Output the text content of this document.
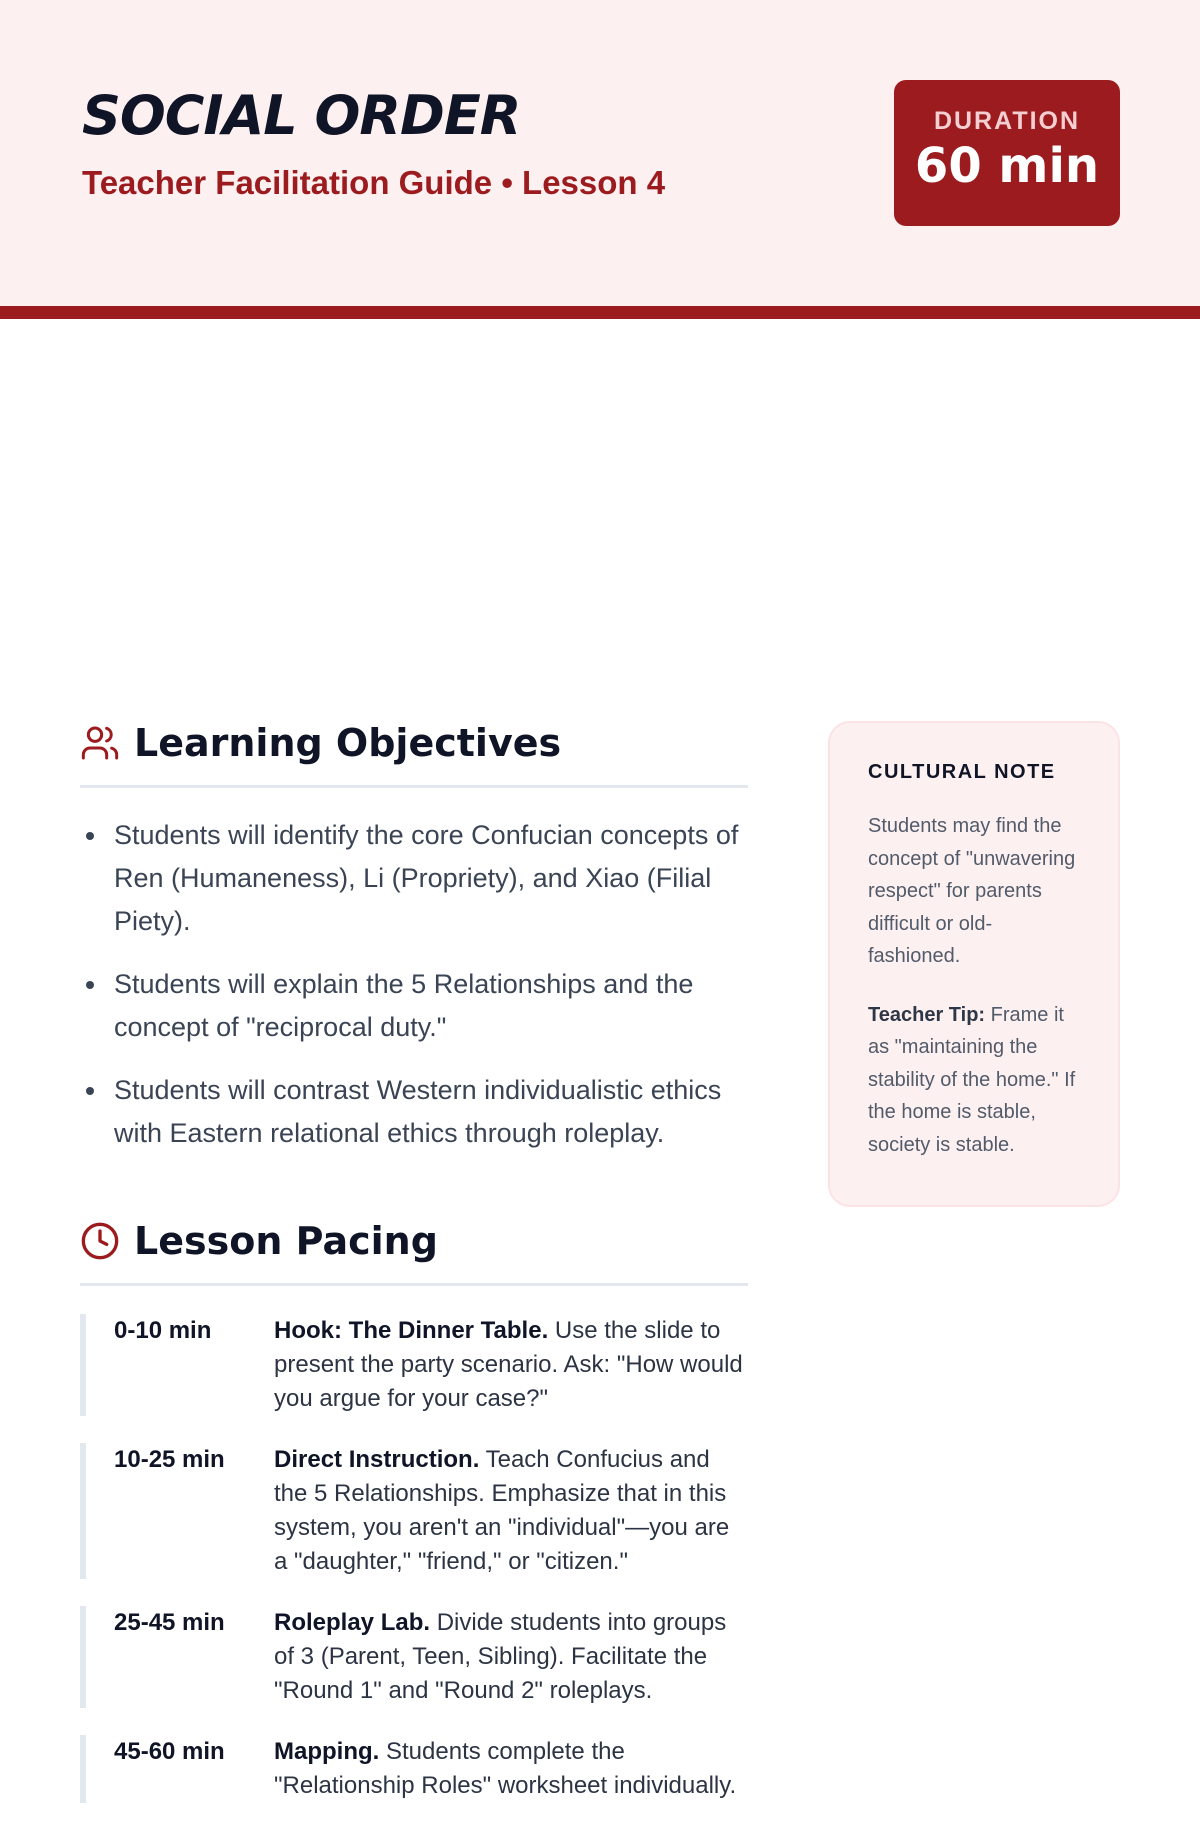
SOCIAL ORDER
Teacher Facilitation Guide • Lesson 4
DURATION
60 min
Learning Objectives
Students will identify the core Confucian concepts of Ren (Humaneness), Li (Propriety), and Xiao (Filial Piety).
Students will explain the 5 Relationships and the concept of "reciprocal duty."
Students will contrast Western individualistic ethics with Eastern relational ethics through roleplay.
Lesson Pacing
0-10 min	Hook: The Dinner Table. Use the slide to present the party scenario. Ask: "How would you argue for your case?"
10-25 min	Direct Instruction. Teach Confucius and the 5 Relationships. Emphasize that in this system, you aren't an "individual"—you are a "daughter," "friend," or "citizen."
25-45 min	Roleplay Lab. Divide students into groups of 3 (Parent, Teen, Sibling). Facilitate the "Round 1" and "Round 2" roleplays.
45-60 min	Mapping. Students complete the "Relationship Roles" worksheet individually.
CULTURAL NOTE
Students may find the concept of "unwavering respect" for parents difficult or old-fashioned.
Teacher Tip: Frame it as "maintaining the stability of the home." If the home is stable, society is stable.
